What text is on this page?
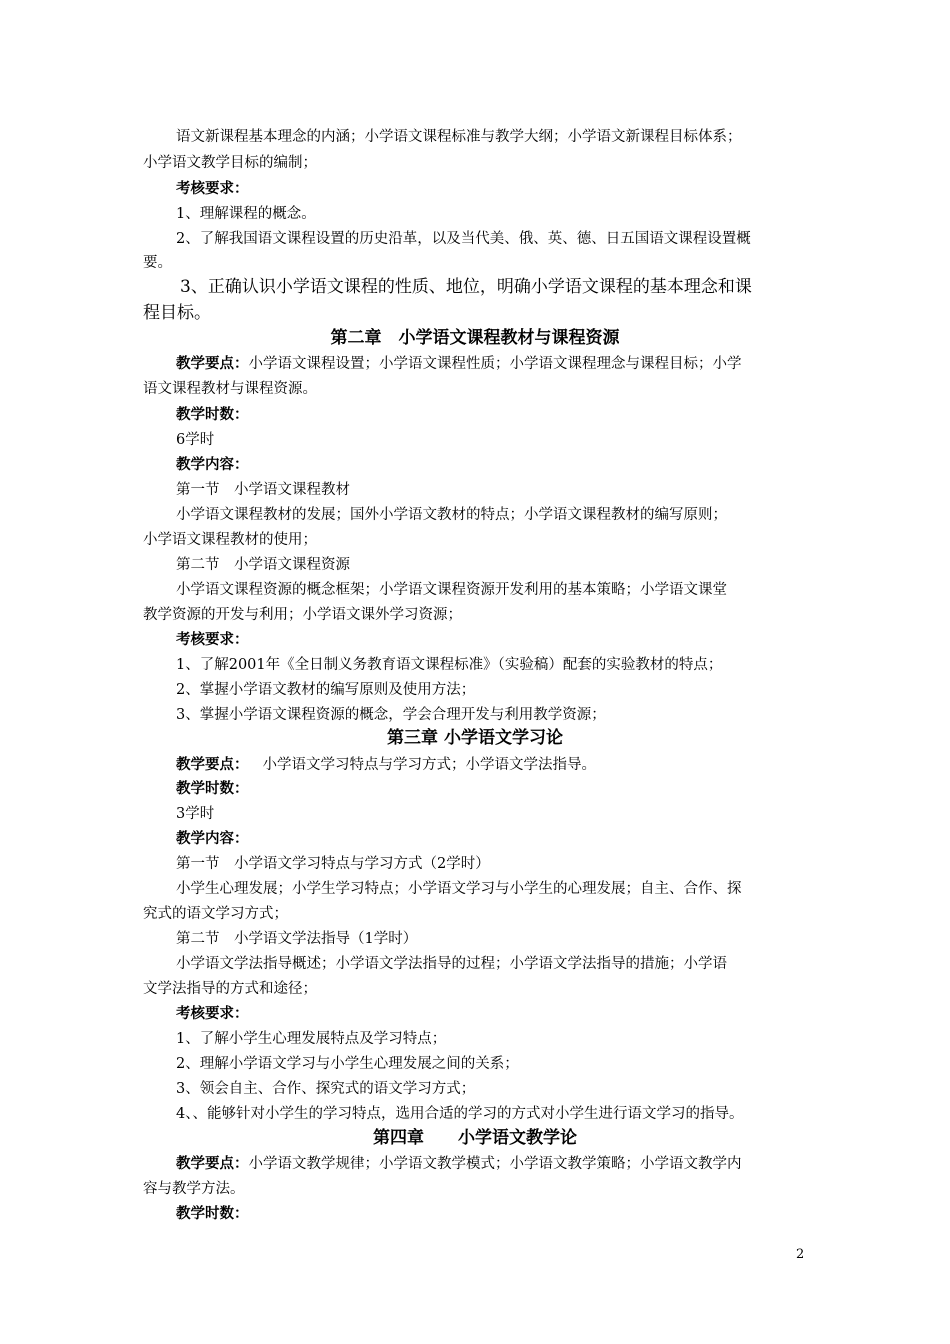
语文新课程基本理念的内涵；小学语文课程标准与教学大纲；小学语文新课程目标体系；
小学语文教学目标的编制；
考核要求：
1、理解课程的概念。
2、了解我国语文课程设置的历史沿革，以及当代美、俄、英、德、日五国语文课程设置概
要。
3、正确认识小学语文课程的性质、地位，明确小学语文课程的基本理念和课
程目标。
第二章　小学语文课程教材与课程资源
教学要点：小学语文课程设置；小学语文课程性质；小学语文课程理念与课程目标；小学
语文课程教材与课程资源。
教学时数：
6学时
教学内容：
第一节　小学语文课程教材
小学语文课程教材的发展；国外小学语文教材的特点；小学语文课程教材的编写原则；
小学语文课程教材的使用；
第二节　小学语文课程资源
小学语文课程资源的概念框架；小学语文课程资源开发利用的基本策略；小学语文课堂
教学资源的开发与利用；小学语文课外学习资源；
考核要求：
1、了解2001年《全日制义务教育语文课程标准》（实验稿）配套的实验教材的特点；
2、掌握小学语文教材的编写原则及使用方法；
3、掌握小学语文课程资源的概念，学会合理开发与利用教学资源；
第三章 小学语文学习论
教学要点： 小学语文学习特点与学习方式；小学语文学法指导。
教学时数：
3学时
教学内容：
第一节　小学语文学习特点与学习方式（2学时）
小学生心理发展；小学生学习特点；小学语文学习与小学生的心理发展；自主、合作、探
究式的语文学习方式；
第二节　小学语文学法指导（1学时）
小学语文学法指导概述；小学语文学法指导的过程；小学语文学法指导的措施；小学语
文学法指导的方式和途径；
考核要求：
1、了解小学生心理发展特点及学习特点；
2、理解小学语文学习与小学生心理发展之间的关系；
3、领会自主、合作、探究式的语文学习方式；
4、、能够针对小学生的学习特点，选用合适的学习的方式对小学生进行语文学习的指导。
第四章　　小学语文教学论
教学要点：小学语文教学规律；小学语文教学模式；小学语文教学策略；小学语文教学内
容与教学方法。
教学时数：
2
